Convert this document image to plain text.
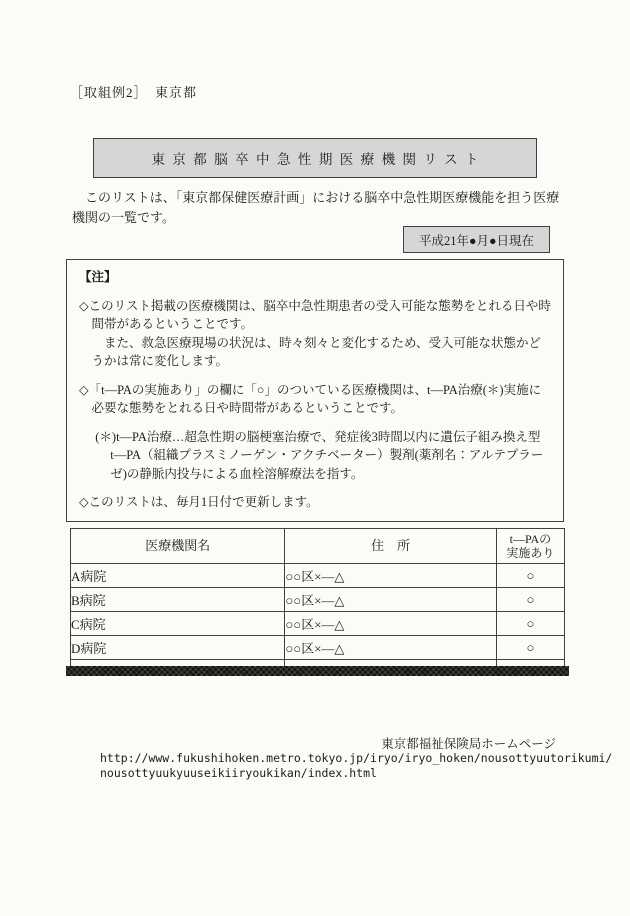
［取組例2］　東京都
東京都脳卒中急性期医療機関リスト

　このリストは、「東京都保健医療計画」における脳卒中急性期医療機能を担う医療機関の一覧です。

平成21年●月●日現在
【注】
◇このリスト掲載の医療機関は、脳卒中急性期患者の受入可能な態勢をとれる日や時間帯があるということです。
　また、救急医療現場の状況は、時々刻々と変化するため、受入可能な状態かどうかは常に変化します。
◇「t―PAの実施あり」の欄に「○」のついている医療機関は、t―PA治療(＊)実施に必要な態勢をとれる日や時間帯があるということです。
(＊)t―PA治療…超急性期の脳梗塞治療で、発症後3時間以内に遺伝子組み換え型t―PA（組織プラスミノーゲン・アクチベーター）製剤(薬剤名：アルテプラーゼ)の静脈内投与による血栓溶解療法を指す。
◇このリストは、毎月1日付で更新します。
医療機関名	住　所	t―PAの
実施あり
A病院	○○区×―△	○
B病院	○○区×―△	○
C病院	○○区×―△	○
D病院	○○区×―△	○

東京都福祉保険局ホームページ
http://www.fukushihoken.metro.tokyo.jp/iryo/iryo_hoken/nousottyuutorikumi/
nousottyuukyuuseikiiryoukikan/index.html
